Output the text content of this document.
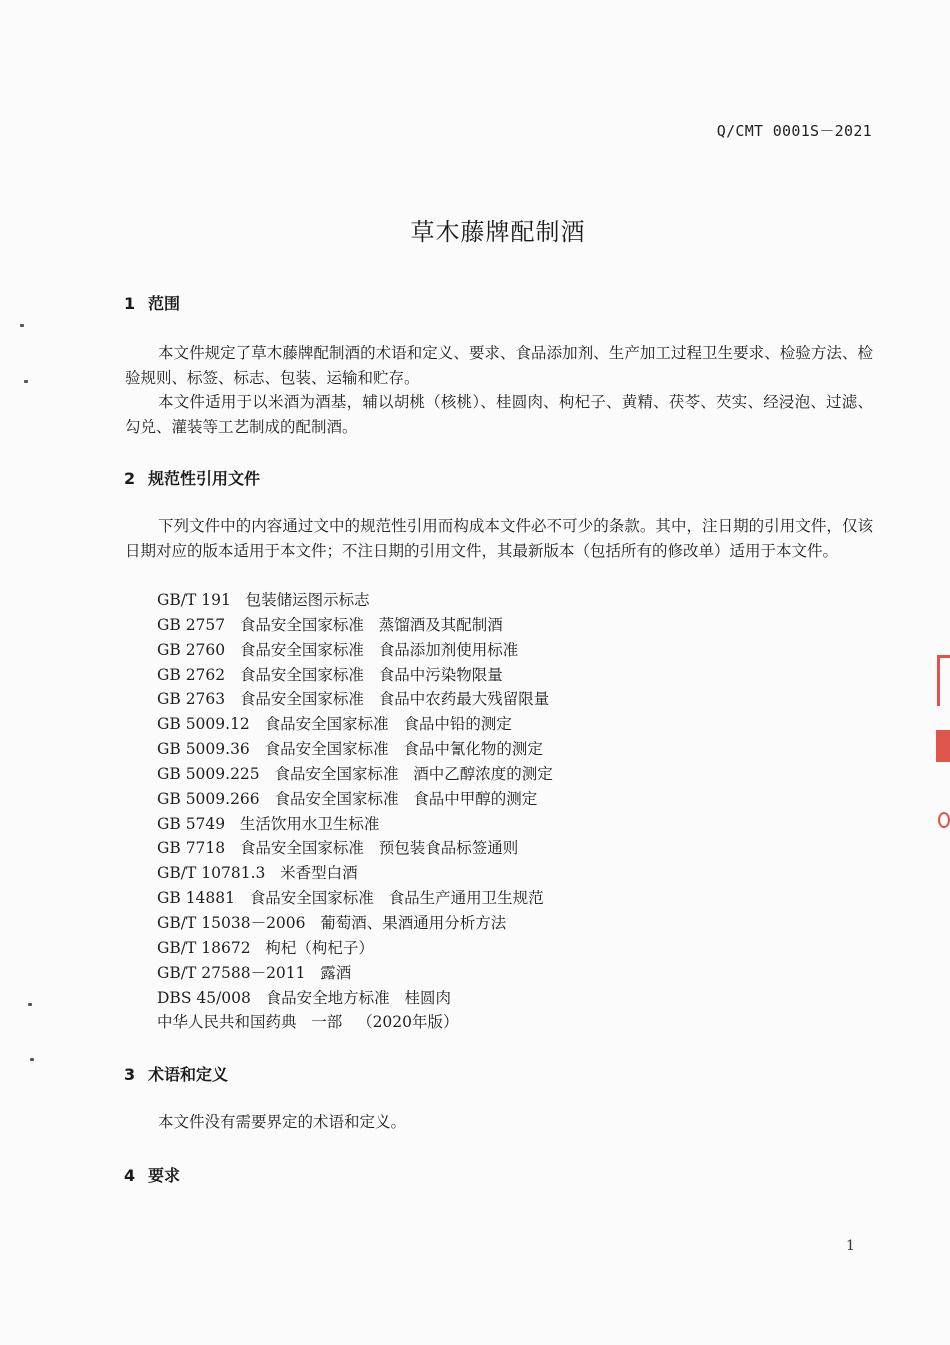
Q/CMT 0001S－2021
草木藤牌配制酒
1 范围
本文件规定了草木藤牌配制酒的术语和定义、要求、食品添加剂、生产加工过程卫生要求、检验方法、检验规则、标签、标志、包装、运输和贮存。
本文件适用于以米酒为酒基，辅以胡桃（核桃）、桂圆肉、枸杞子、黄精、茯苓、芡实、经浸泡、过滤、勾兑、灌装等工艺制成的配制酒。
2 规范性引用文件
下列文件中的内容通过文中的规范性引用而构成本文件必不可少的条款。其中，注日期的引用文件，仅该日期对应的版本适用于本文件；不注日期的引用文件，其最新版本（包括所有的修改单）适用于本文件。
GB/T 191   包装储运图示标志
GB 2757   食品安全国家标准   蒸馏酒及其配制酒
GB 2760   食品安全国家标准   食品添加剂使用标准
GB 2762   食品安全国家标准   食品中污染物限量
GB 2763   食品安全国家标准   食品中农药最大残留限量
GB 5009.12   食品安全国家标准   食品中铅的测定
GB 5009.36   食品安全国家标准   食品中氰化物的测定
GB 5009.225   食品安全国家标准   酒中乙醇浓度的测定
GB 5009.266   食品安全国家标准   食品中甲醇的测定
GB 5749   生活饮用水卫生标准
GB 7718   食品安全国家标准   预包装食品标签通则
GB/T 10781.3   米香型白酒
GB 14881   食品安全国家标准   食品生产通用卫生规范
GB/T 15038－2006   葡萄酒、果酒通用分析方法
GB/T 18672   枸杞（枸杞子）
GB/T 27588－2011   露酒
DBS 45/008   食品安全地方标准   桂圆肉
中华人民共和国药典   一部   （2020年版）
3 术语和定义
本文件没有需要界定的术语和定义。
4 要求
1
